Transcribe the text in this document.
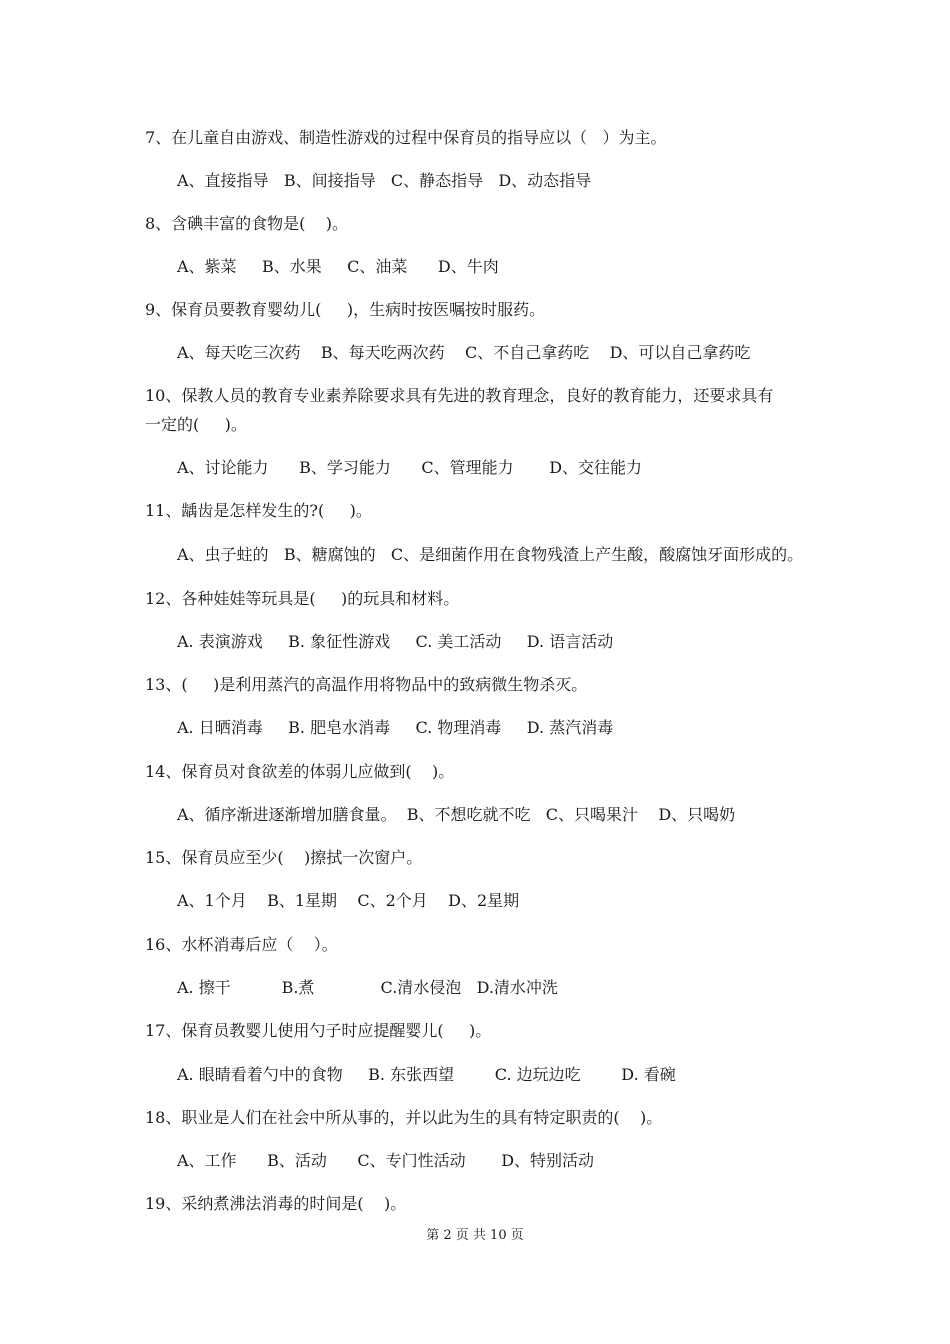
7、在儿童自由游戏、制造性游戏的过程中保育员的指导应以（   ）为主。
A、直接指导   B、间接指导   C、静态指导   D、动态指导
8、含碘丰富的食物是(    )。
A、紫菜     B、水果     C、油菜      D、牛肉
9、保育员要教育婴幼儿(     )，生病时按医嘱按时服药。
A、每天吃三次药    B、每天吃两次药    C、不自己拿药吃    D、可以自己拿药吃
10、保教人员的教育专业素养除要求具有先进的教育理念，良好的教育能力，还要求具有
一定的(     )。
A、讨论能力      B、学习能力      C、管理能力       D、交往能力
11、龋齿是怎样发生的?(     )。
A、虫子蛀的   B、糖腐蚀的   C、是细菌作用在食物残渣上产生酸，酸腐蚀牙面形成的。
12、各种娃娃等玩具是(     )的玩具和材料。
A. 表演游戏     B. 象征性游戏     C. 美工活动     D. 语言活动
13、(     )是利用蒸汽的高温作用将物品中的致病微生物杀灭。
A. 日晒消毒     B. 肥皂水消毒     C. 物理消毒     D. 蒸汽消毒
14、保育员对食欲差的体弱儿应做到(    )。
A、循序渐进逐渐增加膳食量。  B、不想吃就不吃   C、只喝果汁    D、只喝奶
15、保育员应至少(    )擦拭一次窗户。
A、1个月    B、1星期    C、2个月    D、2星期
16、水杯消毒后应（    ）。
A. 擦干          B.煮             C.清水侵泡   D.清水冲洗
17、保育员教婴儿使用勺子时应提醒婴儿(     )。
A. 眼睛看着勺中的食物     B. 东张西望        C. 边玩边吃        D. 看碗
18、职业是人们在社会中所从事的，并以此为生的具有特定职责的(    )。
A、工作      B、活动      C、专门性活动       D、特别活动
19、采纳煮沸法消毒的时间是(    )。
第 2 页 共 10 页
